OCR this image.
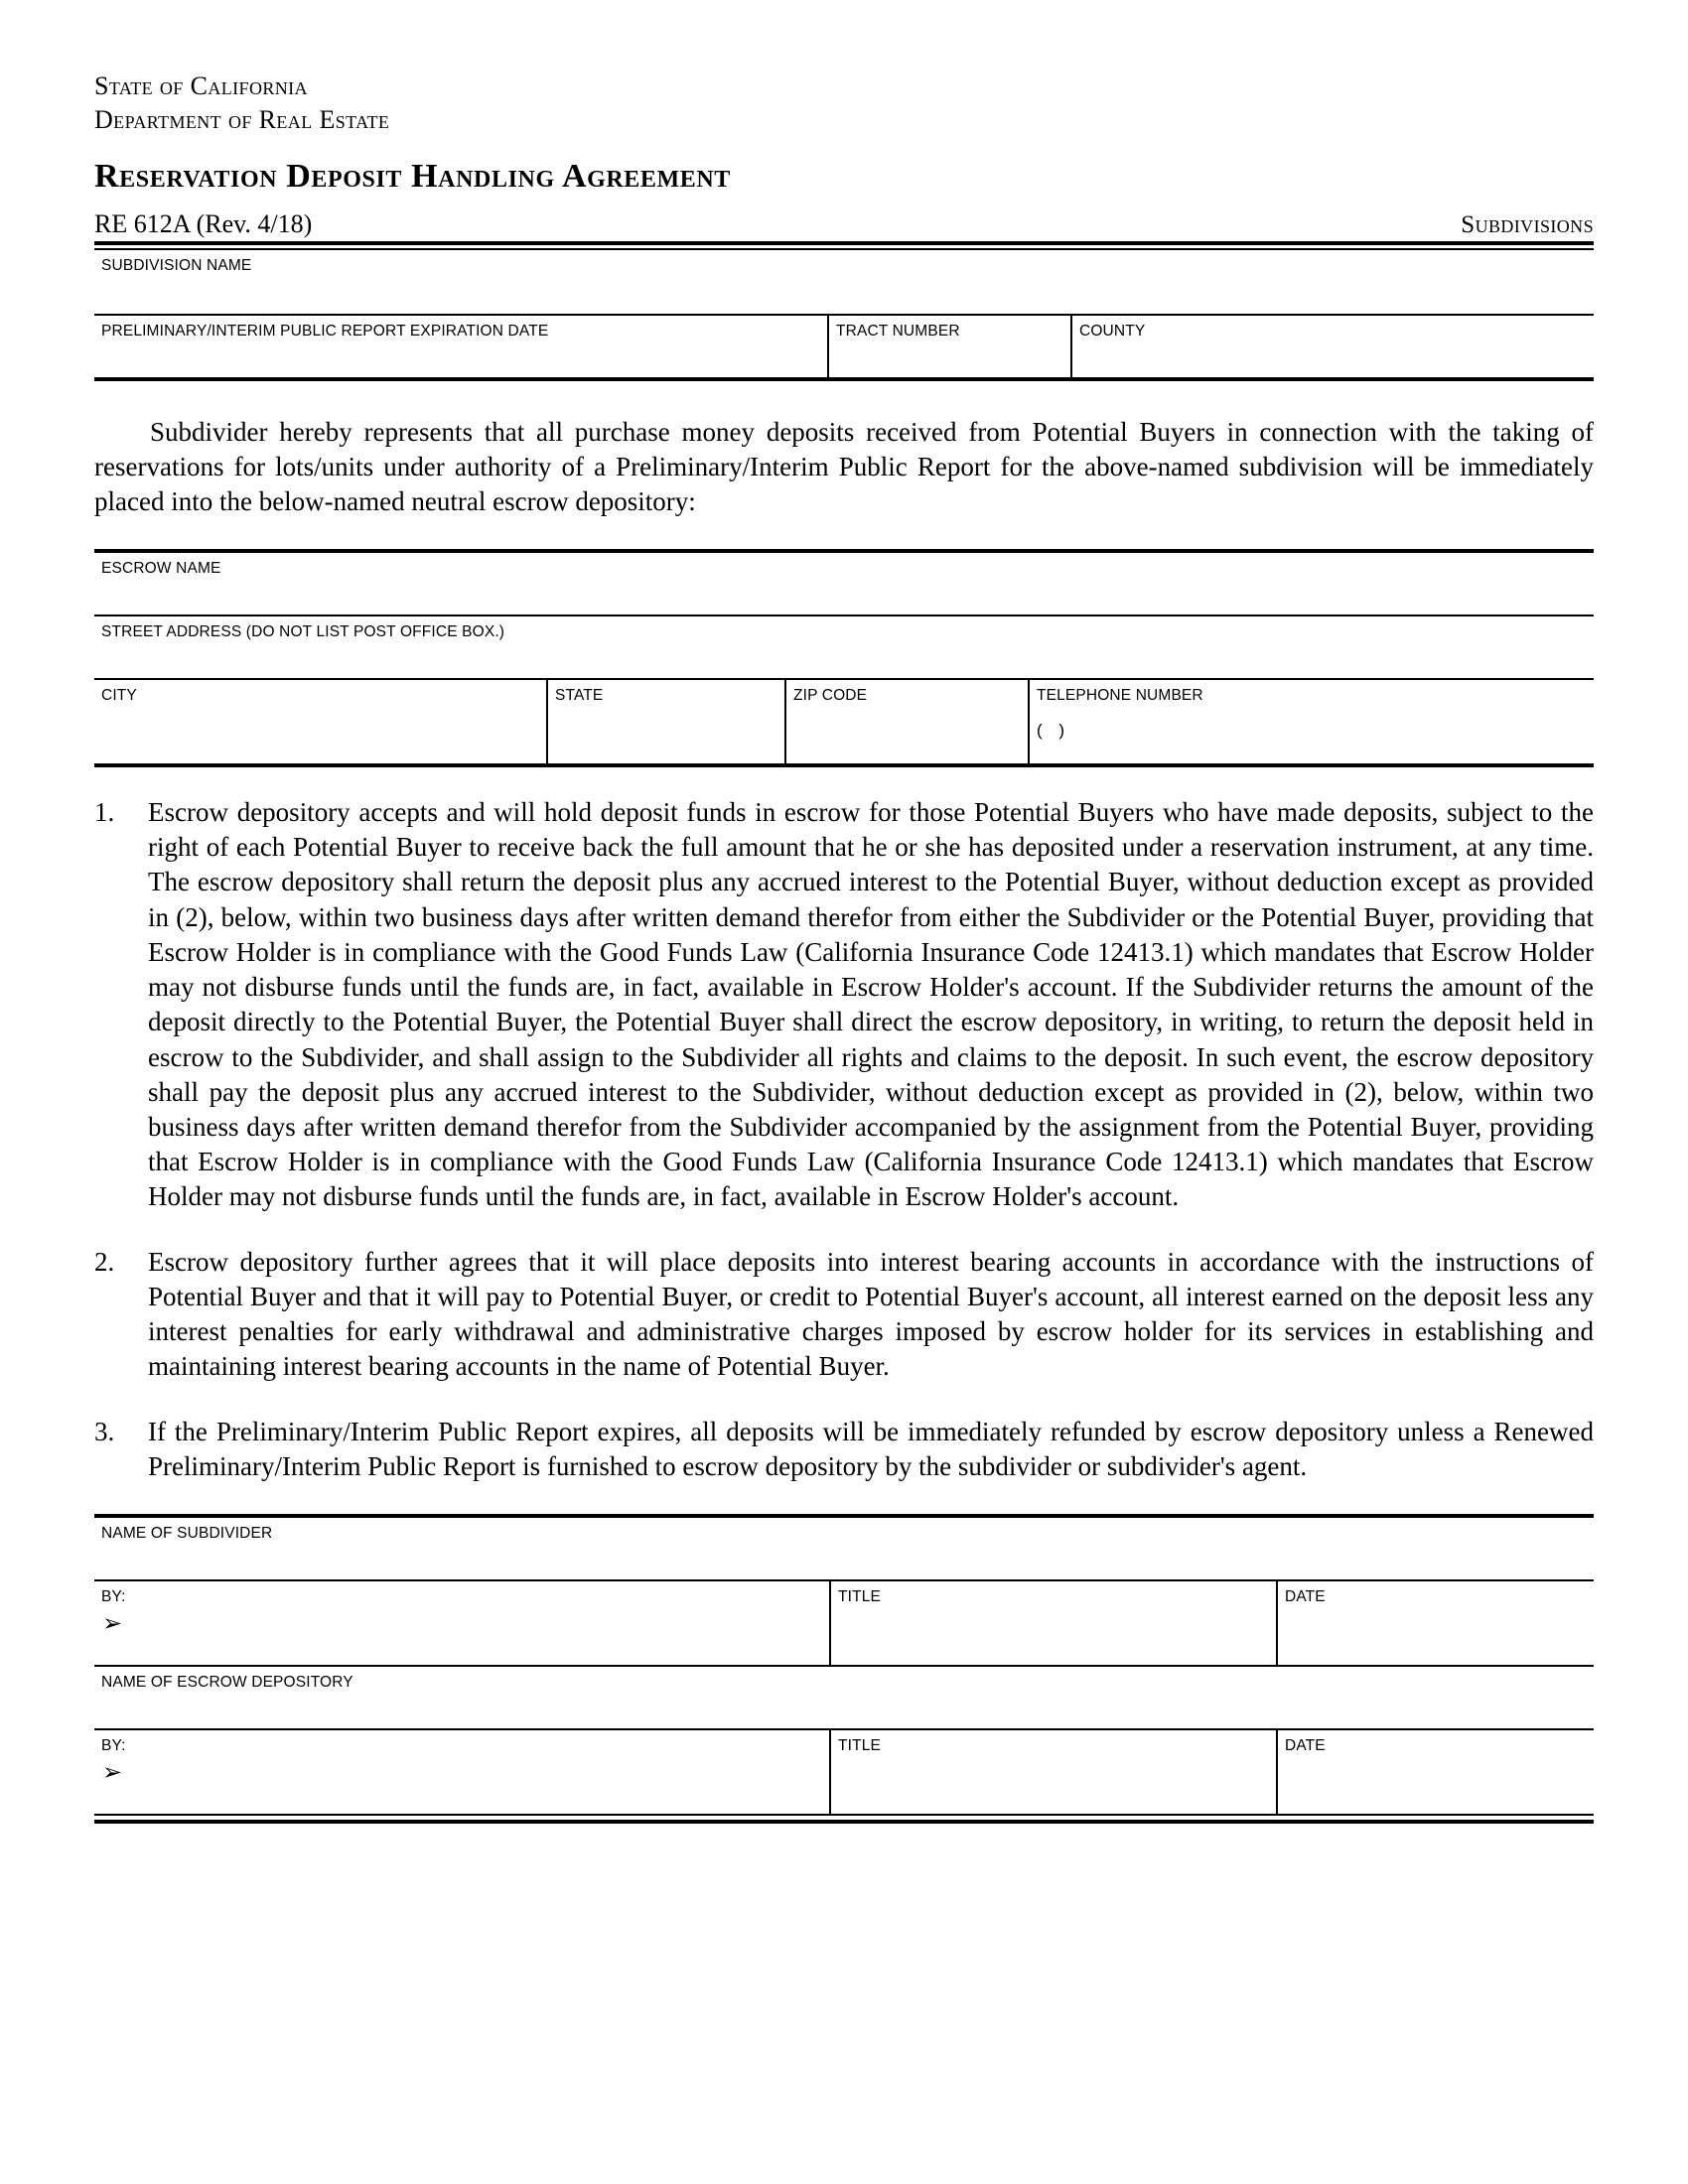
State of California
Department of Real Estate
Reservation Deposit Handling Agreement
RE 612A (Rev. 4/18)	Subdivisions
SUBDIVISION NAME
PRELIMINARY/INTERIM PUBLIC REPORT EXPIRATION DATE	TRACT NUMBER	COUNTY

Subdivider hereby represents that all purchase money deposits received from Potential Buyers in connection with the taking of reservations for lots/units under authority of a Preliminary/Interim Public Report for the above-named subdivision will be immediately placed into the below-named neutral escrow depository:

ESCROW NAME
STREET ADDRESS (DO NOT LIST POST OFFICE BOX.)
CITY	STATE	ZIP CODE	TELEPHONE NUMBER
( )
1.	Escrow depository accepts and will hold deposit funds in escrow for those Potential Buyers who have made deposits, subject to the right of each Potential Buyer to receive back the full amount that he or she has deposited under a reservation instrument, at any time. The escrow depository shall return the deposit plus any accrued interest to the Potential Buyer, without deduction except as provided in (2), below, within two business days after written demand therefor from either the Subdivider or the Potential Buyer, providing that Escrow Holder is in compliance with the Good Funds Law (California Insurance Code 12413.1) which mandates that Escrow Holder may not disburse funds until the funds are, in fact, available in Escrow Holder's account. If the Subdivider returns the amount of the deposit directly to the Potential Buyer, the Potential Buyer shall direct the escrow depository, in writing, to return the deposit held in escrow to the Subdivider, and shall assign to the Subdivider all rights and claims to the deposit. In such event, the escrow depository shall pay the deposit plus any accrued interest to the Subdivider, without deduction except as provided in (2), below, within two business days after written demand therefor from the Subdivider accompanied by the assignment from the Potential Buyer, providing that Escrow Holder is in compliance with the Good Funds Law (California Insurance Code 12413.1) which mandates that Escrow Holder may not disburse funds until the funds are, in fact, available in Escrow Holder's account.
2.	Escrow depository further agrees that it will place deposits into interest bearing accounts in accordance with the instructions of Potential Buyer and that it will pay to Potential Buyer, or credit to Potential Buyer's account, all interest earned on the deposit less any interest penalties for early withdrawal and administrative charges imposed by escrow holder for its services in establishing and maintaining interest bearing accounts in the name of Potential Buyer.
3.	If the Preliminary/Interim Public Report expires, all deposits will be immediately refunded by escrow depository unless a Renewed Preliminary/Interim Public Report is furnished to escrow depository by the subdivider or subdivider's agent.
NAME OF SUBDIVIDER
BY:
➢
TITLE	DATE
NAME OF ESCROW DEPOSITORY
BY:
➢
TITLE	DATE
